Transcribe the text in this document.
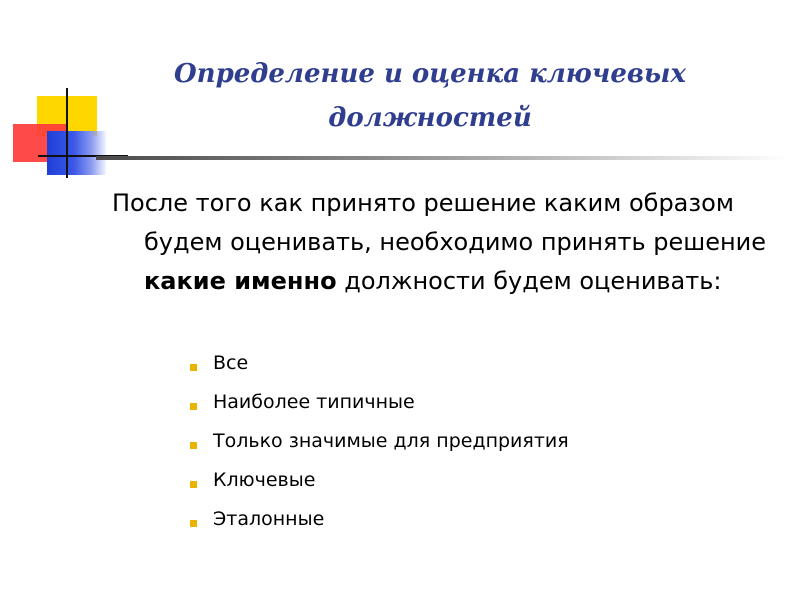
Определение и оценка ключевых должностей
После того как принято решение каким образом будем оценивать, необходимо принять решение какие именно должности будем оценивать:
Все
Наиболее типичные
Только значимые для предприятия
Ключевые
Эталонные
